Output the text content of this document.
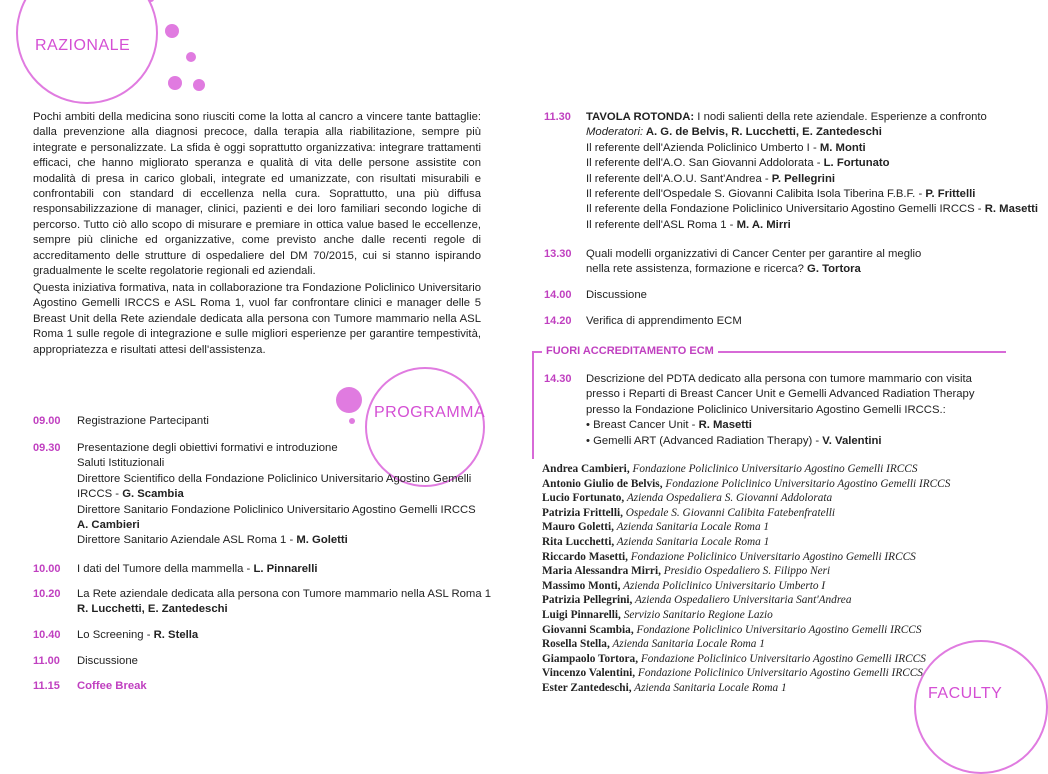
RAZIONALE
Pochi ambiti della medicina sono riusciti come la lotta al cancro a vincere tante battaglie: dalla prevenzione alla diagnosi precoce, dalla terapia alla riabilitazione, sempre più integrate e personalizzate. La sfida è oggi soprattutto organizzativa: integrare trattamenti efficaci, che hanno migliorato speranza e qualità di vita delle persone assistite con modalità di presa in carico globali, integrate ed umanizzate, con risultati misurabili e confrontabili con standard di eccellenza nella cura. Soprattutto, una più diffusa responsabilizzazione di manager, clinici, pazienti e dei loro familiari secondo logiche di percorso. Tutto ciò allo scopo di misurare e premiare in ottica value based le eccellenze, sempre più cliniche ed organizzative, come previsto anche dalle recenti regole di accreditamento delle strutture di ospedaliere del DM 70/2015, cui si stanno ispirando gradualmente le scelte regolatorie regionali ed aziendali.
Questa iniziativa formativa, nata in collaborazione tra Fondazione Policlinico Universitario Agostino Gemelli IRCCS e ASL Roma 1, vuol far confrontare clinici e manager delle 5 Breast Unit della Rete aziendale dedicata alla persona con Tumore mammario nella ASL Roma 1 sulle regole di integrazione e sulle migliori esperienze per garantire tempestività, appropriatezza e risultati attesi dell'assistenza.
PROGRAMMA
09.00 Registrazione Partecipanti
09.30 Presentazione degli obiettivi formativi e introduzione
Saluti Istituzionali
Direttore Scientifico della Fondazione Policlinico Universitario Agostino Gemelli
IRCCS - G. Scambia
Direttore Sanitario Fondazione Policlinico Universitario Agostino Gemelli IRCCS
A. Cambieri
Direttore Sanitario Aziendale ASL Roma 1 - M. Goletti
10.00 I dati del Tumore della mammella - L. Pinnarelli
10.20 La Rete aziendale dedicata alla persona con Tumore mammario nella ASL Roma 1
R. Lucchetti, E. Zantedeschi
10.40 Lo Screening - R. Stella
11.00 Discussione
11.15 Coffee Break
11.30 TAVOLA ROTONDA: I nodi salienti della rete aziendale. Esperienze a confronto
Moderatori: A. G. de Belvis, R. Lucchetti, E. Zantedeschi
Il referente dell'Azienda Policlinico Umberto I - M. Monti
Il referente dell'A.O. San Giovanni Addolorata - L. Fortunato
Il referente dell'A.O.U. Sant'Andrea - P. Pellegrini
Il referente dell'Ospedale S. Giovanni Calibita Isola Tiberina F.B.F. - P. Frittelli
Il referente della Fondazione Policlinico Universitario Agostino Gemelli IRCCS - R. Masetti
Il referente dell'ASL Roma 1 - M. A. Mirri
13.30 Quali modelli organizzativi di Cancer Center per garantire al meglio
nella rete assistenza, formazione e ricerca? G. Tortora
14.00 Discussione
14.20 Verifica di apprendimento ECM
FUORI ACCREDITAMENTO ECM
14.30 Descrizione del PDTA dedicato alla persona con tumore mammario con visita
presso i Reparti di Breast Cancer Unit e Gemelli Advanced Radiation Therapy
presso la Fondazione Policlinico Universitario Agostino Gemelli IRCCS.:
• Breast Cancer Unit - R. Masetti
• Gemelli ART (Advanced Radiation Therapy) - V. Valentini
Andrea Cambieri, Fondazione Policlinico Universitario Agostino Gemelli IRCCS
Antonio Giulio de Belvis, Fondazione Policlinico Universitario Agostino Gemelli IRCCS
Lucio Fortunato, Azienda Ospedaliera S. Giovanni Addolorata
Patrizia Frittelli, Ospedale S. Giovanni Calibita Fatebenfratelli
Mauro Goletti, Azienda Sanitaria Locale Roma 1
Rita Lucchetti, Azienda Sanitaria Locale Roma 1
Riccardo Masetti, Fondazione Policlinico Universitario Agostino Gemelli IRCCS
Maria Alessandra Mirri, Presidio Ospedaliero S. Filippo Neri
Massimo Monti, Azienda Policlinico Universitario Umberto I
Patrizia Pellegrini, Azienda Ospedaliero Universitaria Sant'Andrea
Luigi Pinnarelli, Servizio Sanitario Regione Lazio
Giovanni Scambia, Fondazione Policlinico Universitario Agostino Gemelli IRCCS
Rosella Stella, Azienda Sanitaria Locale Roma 1
Giampaolo Tortora, Fondazione Policlinico Universitario Agostino Gemelli IRCCS
Vincenzo Valentini, Fondazione Policlinico Universitario Agostino Gemelli IRCCS
Ester Zantedeschi, Azienda Sanitaria Locale Roma 1	FACULTY
